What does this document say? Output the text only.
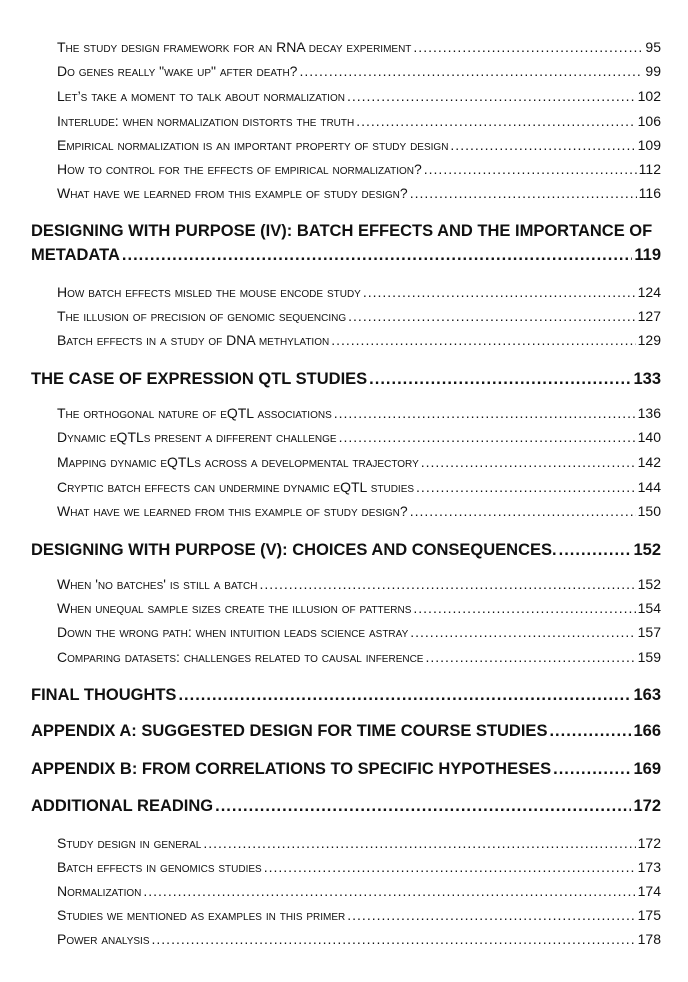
The study design framework for an RNA decay experiment .....	95
Do genes really "wake up" after death? .....	99
Let’s take a moment to talk about normalization .....	102
Interlude: when normalization distorts the truth .....	106
Empirical normalization is an important property of study design .....	109
How to control for the effects of empirical normalization? .....	112
What have we learned from this example of study design? .....	116
DESIGNING WITH PURPOSE (IV): BATCH EFFECTS AND THE IMPORTANCE OF
METADATA .....	119
How batch effects misled the mouse encode study .....	124
The illusion of precision of genomic sequencing .....	127
Batch effects in a study of DNA methylation .....	129
THE CASE OF EXPRESSION QTL STUDIES .....	133
The orthogonal nature of eQTL associations .....	136
Dynamic eQTLs present a different challenge .....	140
Mapping dynamic eQTLs across a developmental trajectory .....	142
Cryptic batch effects can undermine dynamic eQTL studies .....	144
What have we learned from this example of study design? .....	150
DESIGNING WITH PURPOSE (V): CHOICES AND CONSEQUENCES. .....	152
When 'no batches' is still a batch .....	152
When unequal sample sizes create the illusion of patterns .....	154
Down the wrong path: when intuition leads science astray .....	157
Comparing datasets: challenges related to causal inference .....	159
FINAL THOUGHTS .....	163
APPENDIX A: SUGGESTED DESIGN FOR TIME COURSE STUDIES .....	166
APPENDIX B: FROM CORRELATIONS TO SPECIFIC HYPOTHESES .....	169
ADDITIONAL READING .....	172
Study design in general .....	172
Batch effects in genomics studies .....	173
Normalization .....	174
Studies we mentioned as examples in this primer .....	175
Power analysis .....	178
